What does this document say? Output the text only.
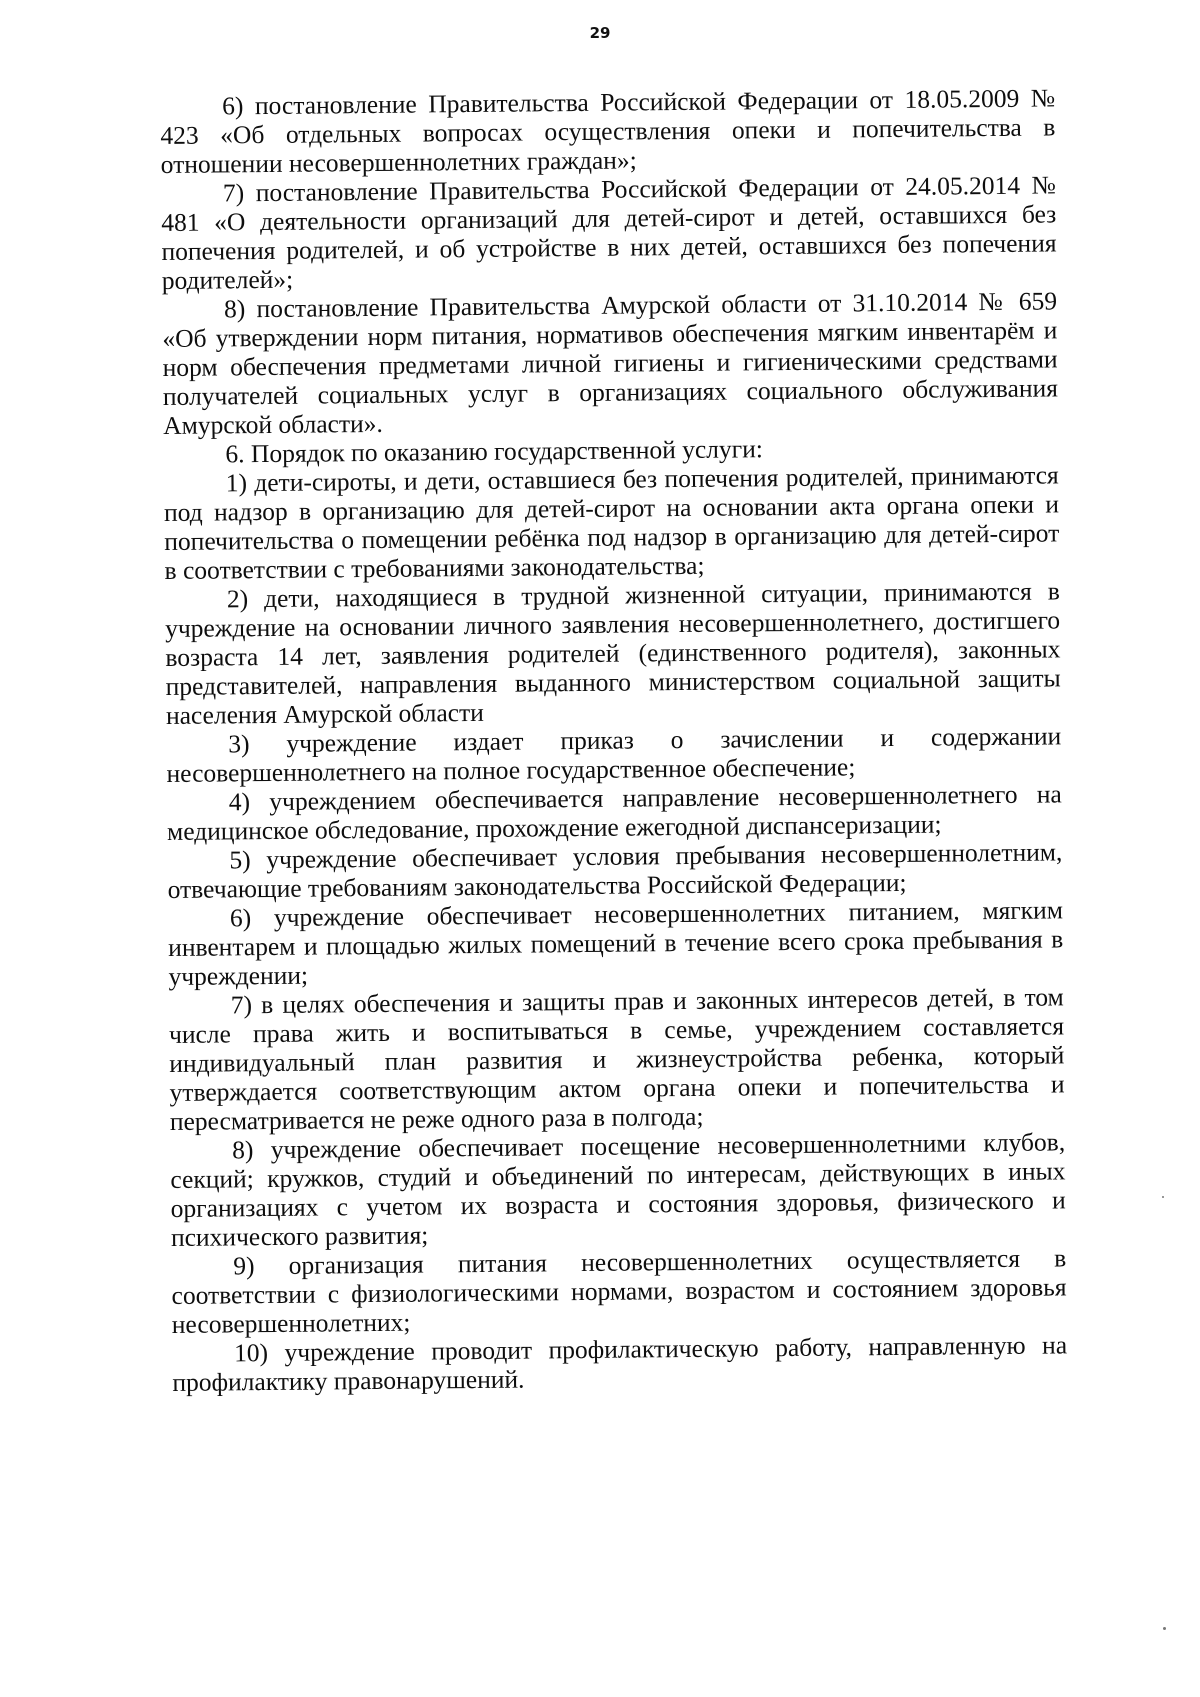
29

6) постановление Правительства Российской Федерации от 18.05.2009 № 423 «Об отдельных вопросах осуществления опеки и попечительства в отношении несовершеннолетних граждан»;

7) постановление Правительства Российской Федерации от 24.05.2014 № 481 «О деятельности организаций для детей-сирот и детей, оставшихся без попечения родителей, и об устройстве в них детей, оставшихся без попечения родителей»;

8) постановление Правительства Амурской области от 31.10.2014 № 659 «Об утверждении норм питания, нормативов обеспечения мягким инвентарём и норм обеспечения предметами личной гигиены и гигиеническими средствами получателей социальных услуг в организациях социального обслуживания Амурской области».

6. Порядок по оказанию государственной услуги:

1) дети-сироты, и дети, оставшиеся без попечения родителей, принимаются под надзор в организацию для детей-сирот на основании акта органа опеки и попечительства о помещении ребёнка под надзор в организацию для детей-сирот в соответствии с требованиями законодательства;

2) дети, находящиеся в трудной жизненной ситуации, принимаются в учреждение на основании личного заявления несовершеннолетнего, достигшего возраста 14 лет, заявления родителей (единственного родителя), законных представителей, направления выданного министерством социальной защиты населения Амурской области

3) учреждение издает приказ о зачислении и содержании несовершеннолетнего на полное государственное обеспечение;

4) учреждением обеспечивается направление несовершеннолетнего на медицинское обследование, прохождение ежегодной диспансеризации;

5) учреждение обеспечивает условия пребывания несовершеннолетним, отвечающие требованиям законодательства Российской Федерации;

6) учреждение обеспечивает несовершеннолетних питанием, мягким инвентарем и площадью жилых помещений в течение всего срока пребывания в учреждении;

7) в целях обеспечения и защиты прав и законных интересов детей, в том числе права жить и воспитываться в семье, учреждением составляется индивидуальный план развития и жизнеустройства ребенка, который утверждается соответствующим актом органа опеки и попечительства и пересматривается не реже одного раза в полгода;

8) учреждение обеспечивает посещение несовершеннолетними клубов, секций; кружков, студий и объединений по интересам, действующих в иных организациях с учетом их возраста и состояния здоровья, физического и психического развития;

9) организация питания несовершеннолетних осуществляется в соответствии с физиологическими нормами, возрастом и состоянием здоровья несовершеннолетних;

10) учреждение проводит профилактическую работу, направленную на профилактику правонарушений.
